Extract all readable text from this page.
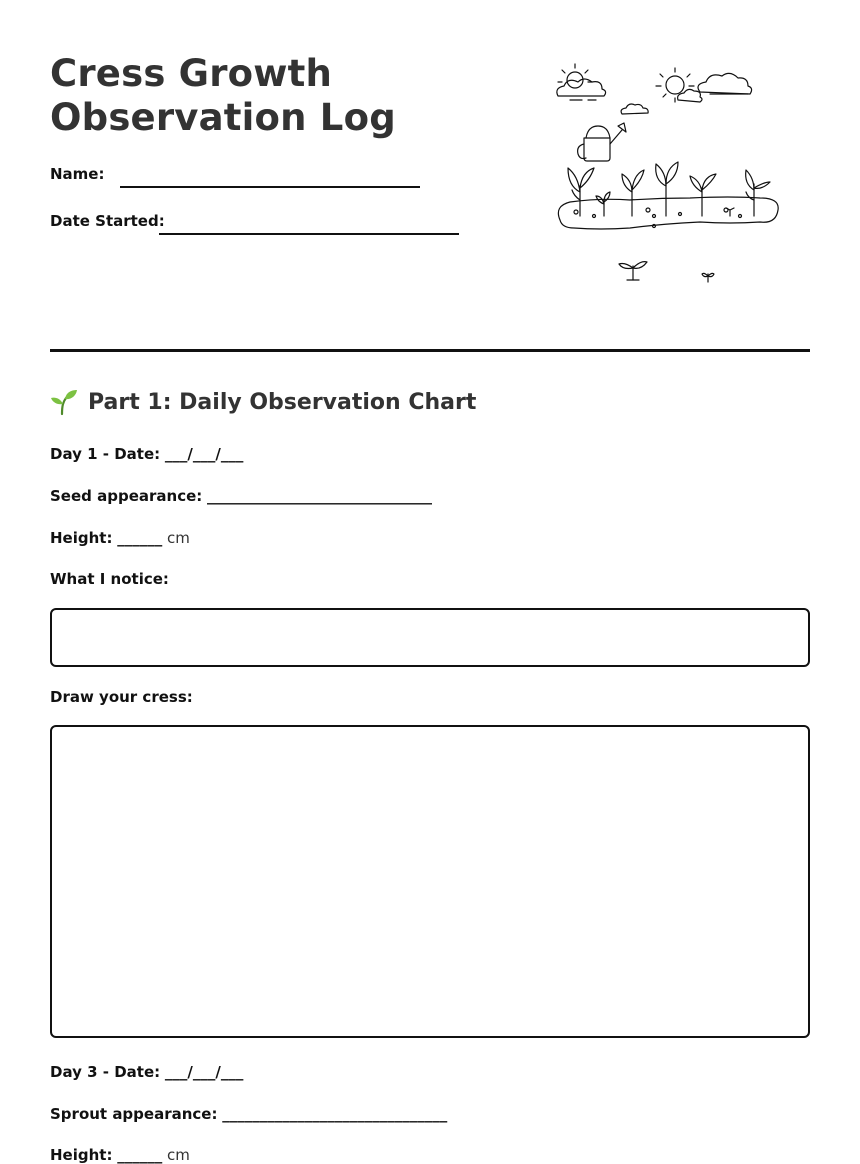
Cress Growth
Observation Log
Name:
Date Started:
Part 1: Daily Observation Chart
Day 1 - Date: ___/___/___
Seed appearance: ______________________________
Height: ______ cm
What I notice:
Draw your cress:
Day 3 - Date: ___/___/___
Sprout appearance: ______________________________
Height: ______ cm
